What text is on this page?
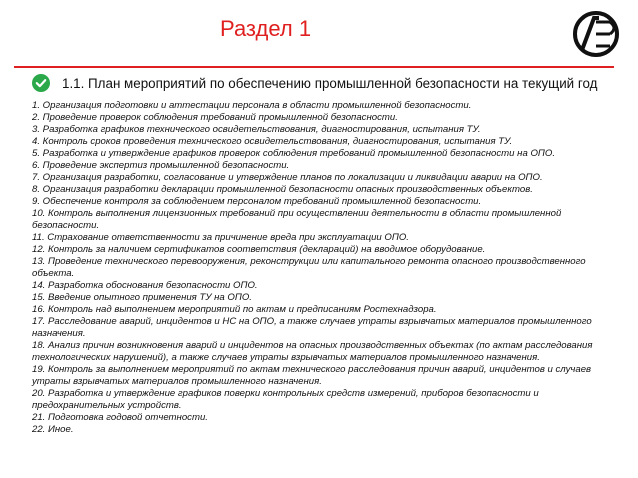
Раздел 1
1.1. План мероприятий по обеспечению промышленной безопасности на текущий год
1. Организация подготовки и аттестации персонала в области промышленной безопасности.
2. Проведение проверок соблюдения требований промышленной безопасности.
3. Разработка графиков технического освидетельствования, диагностирования, испытания ТУ.
4. Контроль сроков проведения технического освидетельствования, диагностирования, испытания ТУ.
5. Разработка и утверждение графиков проверок соблюдения требований промышленной безопасности на ОПО.
6. Проведение экспертиз промышленной безопасности.
7. Организация разработки, согласование и утверждение планов по локализации и ликвидации аварии на ОПО.
8. Организация разработки декларации промышленной безопасности опасных производственных объектов.
9. Обеспечение контроля за соблюдением персоналом требований промышленной безопасности.
10. Контроль выполнения лицензионных требований при осуществлении деятельности в области промышленной безопасности.
11. Страхование ответственности за причинение вреда при эксплуатации ОПО.
12. Контроль за наличием сертификатов соответствия (деклараций) на вводимое оборудование.
13. Проведение технического перевооружения, реконструкции или капитального ремонта опасного производственного объекта.
14. Разработка обоснования безопасности ОПО.
15. Введение опытного применения ТУ на ОПО.
16. Контроль над выполнением мероприятий по актам и предписаниям Ростехнадзора.
17. Расследование аварий, инцидентов и НС на ОПО, а также случаев утраты взрывчатых материалов промышленного назначения.
18. Анализ причин возникновения аварий и инцидентов на опасных производственных объектах (по актам расследования технологических нарушений), а также случаев утраты взрывчатых материалов промышленного назначения.
19. Контроль за выполнением мероприятий по актам технического расследования причин аварий, инцидентов и случаев утраты взрывчатых материалов промышленного назначения.
20. Разработка и утверждение графиков поверки контрольных средств измерений, приборов безопасности и предохранительных устройств.
21. Подготовка годовой отчетности.
22. Иное.
